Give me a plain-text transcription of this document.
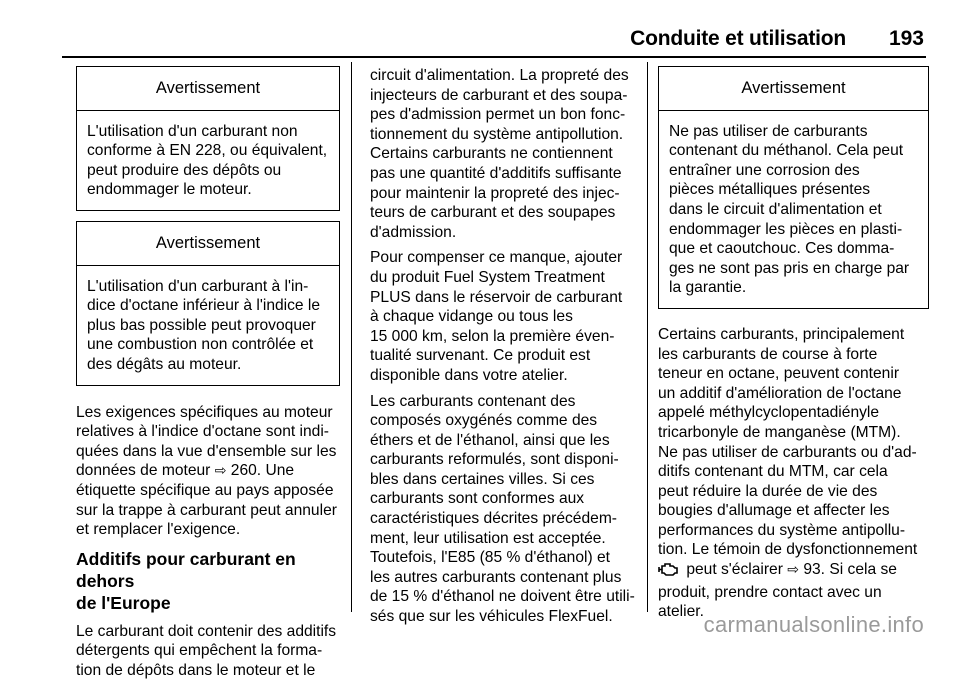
Conduite et utilisation 193
Avertissement
L'utilisation d'un carburant non
conforme à EN 228, ou équivalent,
peut produire des dépôts ou
endommager le moteur.
Avertissement
L'utilisation d'un carburant à l'in-
dice d'octane inférieur à l'indice le
plus bas possible peut provoquer
une combustion non contrôlée et
des dégâts au moteur.

Les exigences spécifiques au moteur
relatives à l'indice d'octane sont indi-
quées dans la vue d'ensemble sur les
données de moteur ⇨ 260. Une
étiquette spécifique au pays apposée
sur la trappe à carburant peut annuler
et remplacer l'exigence.

Additifs pour carburant en dehors
de l'Europe

Le carburant doit contenir des additifs
détergents qui empêchent la forma-
tion de dépôts dans le moteur et le

circuit d'alimentation. La propreté des
injecteurs de carburant et des soupa-
pes d'admission permet un bon fonc-
tionnement du système antipollution.
Certains carburants ne contiennent
pas une quantité d'additifs suffisante
pour maintenir la propreté des injec-
teurs de carburant et des soupapes
d'admission.

Pour compenser ce manque, ajouter
du produit Fuel System Treatment
PLUS dans le réservoir de carburant
à chaque vidange ou tous les
15 000 km, selon la première éven-
tualité survenant. Ce produit est
disponible dans votre atelier.

Les carburants contenant des
composés oxygénés comme des
éthers et de l'éthanol, ainsi que les
carburants reformulés, sont disponi-
bles dans certaines villes. Si ces
carburants sont conformes aux
caractéristiques décrites précédem-
ment, leur utilisation est acceptée.
Toutefois, l'E85 (85 % d'éthanol) et
les autres carburants contenant plus
de 15 % d'éthanol ne doivent être utili-
sés que sur les véhicules FlexFuel.

Avertissement
Ne pas utiliser de carburants
contenant du méthanol. Cela peut
entraîner une corrosion des
pièces métalliques présentes
dans le circuit d'alimentation et
endommager les pièces en plasti-
que et caoutchouc. Ces domma-
ges ne sont pas pris en charge par
la garantie.

Certains carburants, principalement
les carburants de course à forte
teneur en octane, peuvent contenir
un additif d'amélioration de l'octane
appelé méthylcyclopentadiényle
tricarbonyle de manganèse (MTM).
Ne pas utiliser de carburants ou d'ad-
ditifs contenant du MTM, car cela
peut réduire la durée de vie des
bougies d'allumage et affecter les
performances du système antipollu-
tion. Le témoin de dysfonctionnement
peut s'éclairer ⇨ 93. Si cela se
produit, prendre contact avec un
atelier.

carmanualsonline.info
